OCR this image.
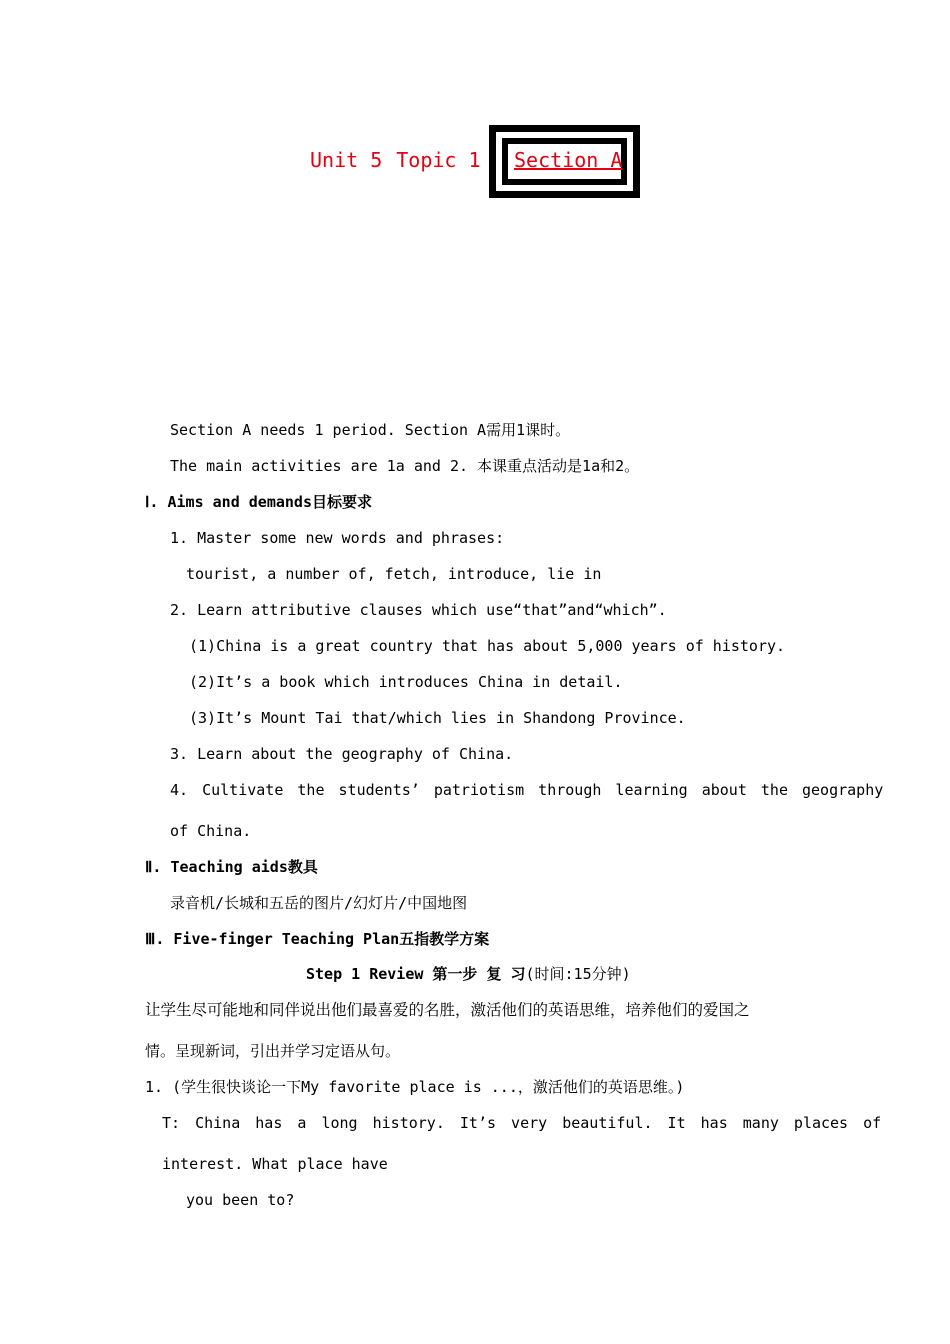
Unit 5 Topic 1	Section A
Section A needs 1 period. Section A需用1课时。
The main activities are 1a and 2. 本课重点活动是1a和2。
Ⅰ. Aims and demands目标要求
1. Master some new words and phrases:
tourist, a number of, fetch, introduce, lie in
2. Learn attributive clauses which use“that”and“which”.
(1)China is a great country that has about 5,000 years of history.
(2)It’s a book which introduces China in detail.
(3)It’s Mount Tai that/which lies in Shandong Province.
3. Learn about the geography of China.
4. Cultivate the students’ patriotism through learning about the geography
of China.
Ⅱ. Teaching aids教具
录音机/长城和五岳的图片/幻灯片/中国地图
Ⅲ. Five-finger Teaching Plan五指教学方案
Step 1 Review 第一步 复 习(时间:15分钟)
让学生尽可能地和同伴说出他们最喜爱的名胜，激活他们的英语思维，培养他们的爱国之
情。呈现新词，引出并学习定语从句。
1. (学生很快谈论一下My favorite place is ...，激活他们的英语思维。)
T: China has a long history. It’s very beautiful. It has many places of
interest. What place have
you been to?
